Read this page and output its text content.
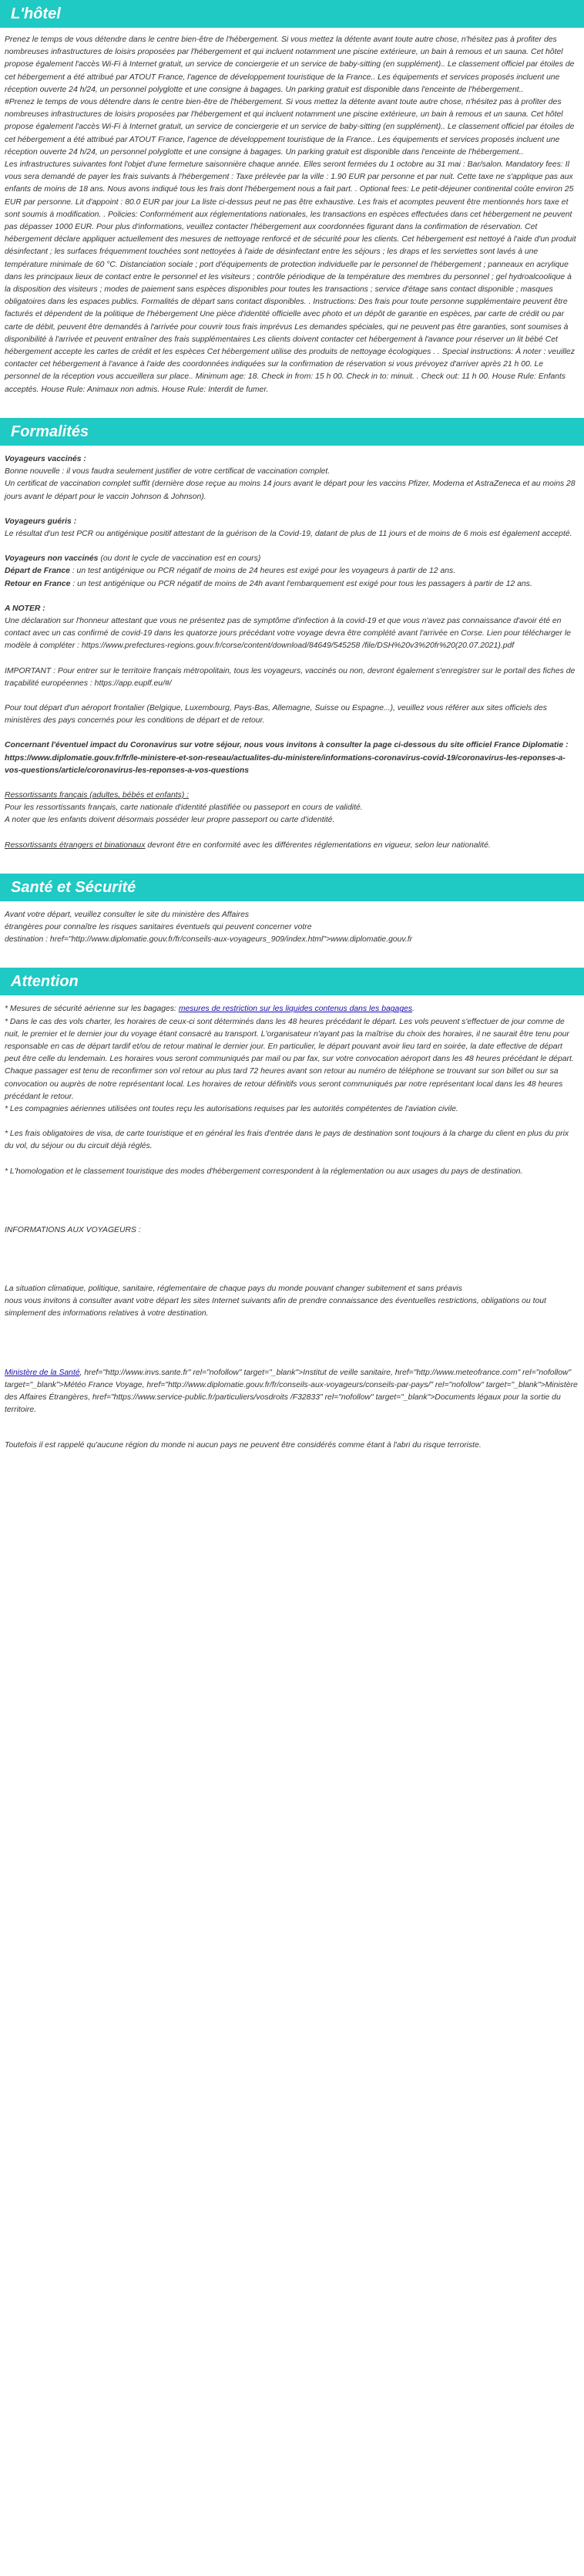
L'hôtel

Prenez le temps de vous détendre dans le centre bien-être de l'hébergement. Si vous mettez la détente avant toute autre chose, n'hésitez pas à profiter des nombreuses infrastructures de loisirs proposées par l'hébergement et qui incluent notamment une piscine extérieure, un bain à remous et un sauna. Cet hôtel propose également l'accès Wi-Fi à Internet gratuit, un service de conciergerie et un service de baby-sitting (en supplément).. Le classement officiel par étoiles de cet hébergement a été attribué par ATOUT France, l'agence de développement touristique de la France.. Les équipements et services proposés incluent une réception ouverte 24 h/24, un personnel polyglotte et une consigne à bagages. Un parking gratuit est disponible dans l'enceinte de l'hébergement..

#Prenez le temps de vous détendre dans le centre bien-être de l'hébergement. Si vous mettez la détente avant toute autre chose, n'hésitez pas à profiter des nombreuses infrastructures de loisirs proposées par l'hébergement et qui incluent notamment une piscine extérieure, un bain à remous et un sauna. Cet hôtel propose également l'accès Wi-Fi à Internet gratuit, un service de conciergerie et un service de baby-sitting (en supplément).. Le classement officiel par étoiles de cet hébergement a été attribué par ATOUT France, l'agence de développement touristique de la France.. Les équipements et services proposés incluent une réception ouverte 24 h/24, un personnel polyglotte et une consigne à bagages. Un parking gratuit est disponible dans l'enceinte de l'hébergement..

Les infrastructures suivantes font l'objet d'une fermeture saisonnière chaque année. Elles seront fermées du 1 octobre au 31 mai : Bar/salon. Mandatory fees: Il vous sera demandé de payer les frais suivants à l'hébergement : Taxe prélevée par la ville : 1.90 EUR par personne et par nuit. Cette taxe ne s'applique pas aux enfants de moins de 18 ans. Nous avons indiqué tous les frais dont l'hébergement nous a fait part. . Optional fees: Le petit-déjeuner continental coûte environ 25 EUR par personne. Lit d'appoint : 80.0 EUR par jour La liste ci-dessus peut ne pas être exhaustive. Les frais et acomptes peuvent être mentionnés hors taxe et sont soumis à modification. . Policies: Conformément aux réglementations nationales, les transactions en espèces effectuées dans cet hébergement ne peuvent pas dépasser 1000 EUR. Pour plus d'informations, veuillez contacter l'hébergement aux coordonnées figurant dans la confirmation de réservation. Cet hébergement déclare appliquer actuellement des mesures de nettoyage renforcé et de sécurité pour les clients. Cet hébergement est nettoyé à l'aide d'un produit désinfectant ; les surfaces fréquemment touchées sont nettoyées à l'aide de désinfectant entre les séjours ; les draps et les serviettes sont lavés à une température minimale de 60 °C. Distanciation sociale ; port d'équipements de protection individuelle par le personnel de l'hébergement ; panneaux en acrylique dans les principaux lieux de contact entre le personnel et les visiteurs ; contrôle périodique de la température des membres du personnel ; gel hydroalcoolique à la disposition des visiteurs ; modes de paiement sans espèces disponibles pour toutes les transactions ; service d'étage sans contact disponible ; masques obligatoires dans les espaces publics. Formalités de départ sans contact disponibles. . Instructions: Des frais pour toute personne supplémentaire peuvent être facturés et dépendent de la politique de l'hébergement Une pièce d'identité officielle avec photo et un dépôt de garantie en espèces, par carte de crédit ou par carte de débit, peuvent être demandés à l'arrivée pour couvrir tous frais imprévus Les demandes spéciales, qui ne peuvent pas être garanties, sont soumises à disponibilité à l'arrivée et peuvent entraîner des frais supplémentaires Les clients doivent contacter cet hébergement à l'avance pour réserver un lit bébé Cet hébergement accepte les cartes de crédit et les espèces Cet hébergement utilise des produits de nettoyage écologiques . . Special instructions: À noter : veuillez contacter cet hébergement à l'avance à l'aide des coordonnées indiquées sur la confirmation de réservation si vous prévoyez d'arriver après 21 h 00. Le personnel de la réception vous accueillera sur place.. Minimum age: 18. Check in from: 15 h 00. Check in to: minuit. . Check out: 11 h 00. House Rule: Enfants acceptés. House Rule: Animaux non admis. House Rule: Interdit de fumer.

Formalités

Voyageurs vaccinés :

Bonne nouvelle : il vous faudra seulement justifier de votre certificat de vaccination complet.

Un certificat de vaccination complet suffit (dernière dose reçue au moins 14 jours avant le départ pour les vaccins Pfizer, Moderna et AstraZeneca et au moins 28 jours avant le départ pour le vaccin Johnson & Johnson).

Voyageurs guéris :

Le résultat d'un test PCR ou antigénique positif attestant de la guérison de la Covid-19, datant de plus de 11 jours et de moins de 6 mois est également accepté.

Voyageurs non vaccinés (ou dont le cycle de vaccination est en cours)

Départ de France : un test antigénique ou PCR négatif de moins de 24 heures est exigé pour les voyageurs à partir de 12 ans.

Retour en France : un test antigénique ou PCR négatif de moins de 24h avant l'embarquement est exigé pour tous les passagers à partir de 12 ans.

A NOTER :

Une déclaration sur l'honneur attestant que vous ne présentez pas de symptôme d'infection à la covid-19 et que vous n'avez pas connaissance d'avoir été en contact avec un cas confirmé de covid-19 dans les quatorze jours précédant votre voyage devra être complété avant l'arrivée en Corse. Lien pour télécharger le modèle à compléter : https://www.prefectures-regions.gouv.fr/corse/content/download/84649/545258 /file/DSH%20v3%20fr%20(20.07.2021).pdf

IMPORTANT : Pour entrer sur le territoire français métropolitain, tous les voyageurs, vaccinés ou non, devront également s'enregistrer sur le portail des fiches de traçabilité européennes : https://app.euplf.eu/#/

Pour tout départ d'un aéroport frontalier (Belgique, Luxembourg, Pays-Bas, Allemagne, Suisse ou Espagne...), veuillez vous référer aux sites officiels des ministères des pays concernés pour les conditions de départ et de retour.

Concernant l'éventuel impact du Coronavirus sur votre séjour, nous vous invitons à consulter la page ci-dessous du site officiel France Diplomatie :

https://www.diplomatie.gouv.fr/fr/le-ministere-et-son-reseau/actualites-du-ministere/informations-coronavirus-covid-19/coronavirus-les-reponses-a-vos-questions/article/coronavirus-les-reponses-a-vos-questions

Ressortissants français (adultes, bébés et enfants) :

Pour les ressortissants français, carte nationale d'identité plastifiée ou passeport en cours de validité.

A noter que les enfants doivent désormais posséder leur propre passeport ou carte d'identité.

Ressortissants étrangers et binationaux devront être en conformité avec les différentes réglementations en vigueur, selon leur nationalité.

Santé et Sécurité

Avant votre départ, veuillez consulter le site du ministère des Affaires

étrangères pour connaître les risques sanitaires éventuels qui peuvent concerner votre

destination : href="http://www.diplomatie.gouv.fr/fr/conseils-aux-voyageurs_909/index.html">www.diplomatie.gouv.fr

Attention

* Mesures de sécurité aérienne sur les bagages: mesures de restriction sur les liquides contenus dans les bagages.

* Dans le cas des vols charter, les horaires de ceux-ci sont déterminés dans les 48 heures précédant le départ. Les vols peuvent s'effectuer de jour comme de nuit, le premier et le dernier jour du voyage étant consacré au transport. L'organisateur n'ayant pas la maîtrise du choix des horaires, il ne saurait être tenu pour responsable en cas de départ tardif et/ou de retour matinal le dernier jour. En particulier, le départ pouvant avoir lieu tard en soirée, la date effective de départ peut être celle du lendemain. Les horaires vous seront communiqués par mail ou par fax, sur votre convocation aéroport dans les 48 heures précédant le départ. Chaque passager est tenu de reconfirmer son vol retour au plus tard 72 heures avant son retour au numéro de téléphone se trouvant sur son billet ou sur sa convocation ou auprès de notre représentant local. Les horaires de retour définitifs vous seront communiqués par notre représentant local dans les 48 heures précédant le retour.

* Les compagnies aériennes utilisées ont toutes reçu les autorisations requises par les autorités compétentes de l'aviation civile.

* Les frais obligatoires de visa, de carte touristique et en général les frais d'entrée dans le pays de destination sont toujours à la charge du client en plus du prix du vol, du séjour ou du circuit déjà réglés.

* L'homologation et le classement touristique des modes d'hébergement correspondent à la réglementation ou aux usages du pays de destination.

INFORMATIONS AUX VOYAGEURS :

La situation climatique, politique, sanitaire, réglementaire de chaque pays du monde pouvant changer subitement et sans préavis

nous vous invitons à consulter avant votre départ les sites Internet suivants afin de prendre connaissance des éventuelles restrictions, obligations ou tout simplement des informations relatives à votre destination.

Ministère de la Santé, href="http://www.invs.sante.fr" rel="nofollow" target="_blank">Institut de veille sanitaire, href="http://www.meteofrance.com" rel="nofollow" target="_blank">Météo France Voyage, href="http://www.diplomatie.gouv.fr/fr/conseils-aux-voyageurs/conseils-par-pays/" rel="nofollow" target="_blank">Ministère des Affaires Étrangères, href="https://www.service-public.fr/particuliers/vosdroits /F32833" rel="nofollow" target="_blank">Documents légaux pour la sortie du territoire.

Toutefois il est rappelé qu'aucune région du monde ni aucun pays ne peuvent être considérés comme étant à l'abri du risque terroriste.
